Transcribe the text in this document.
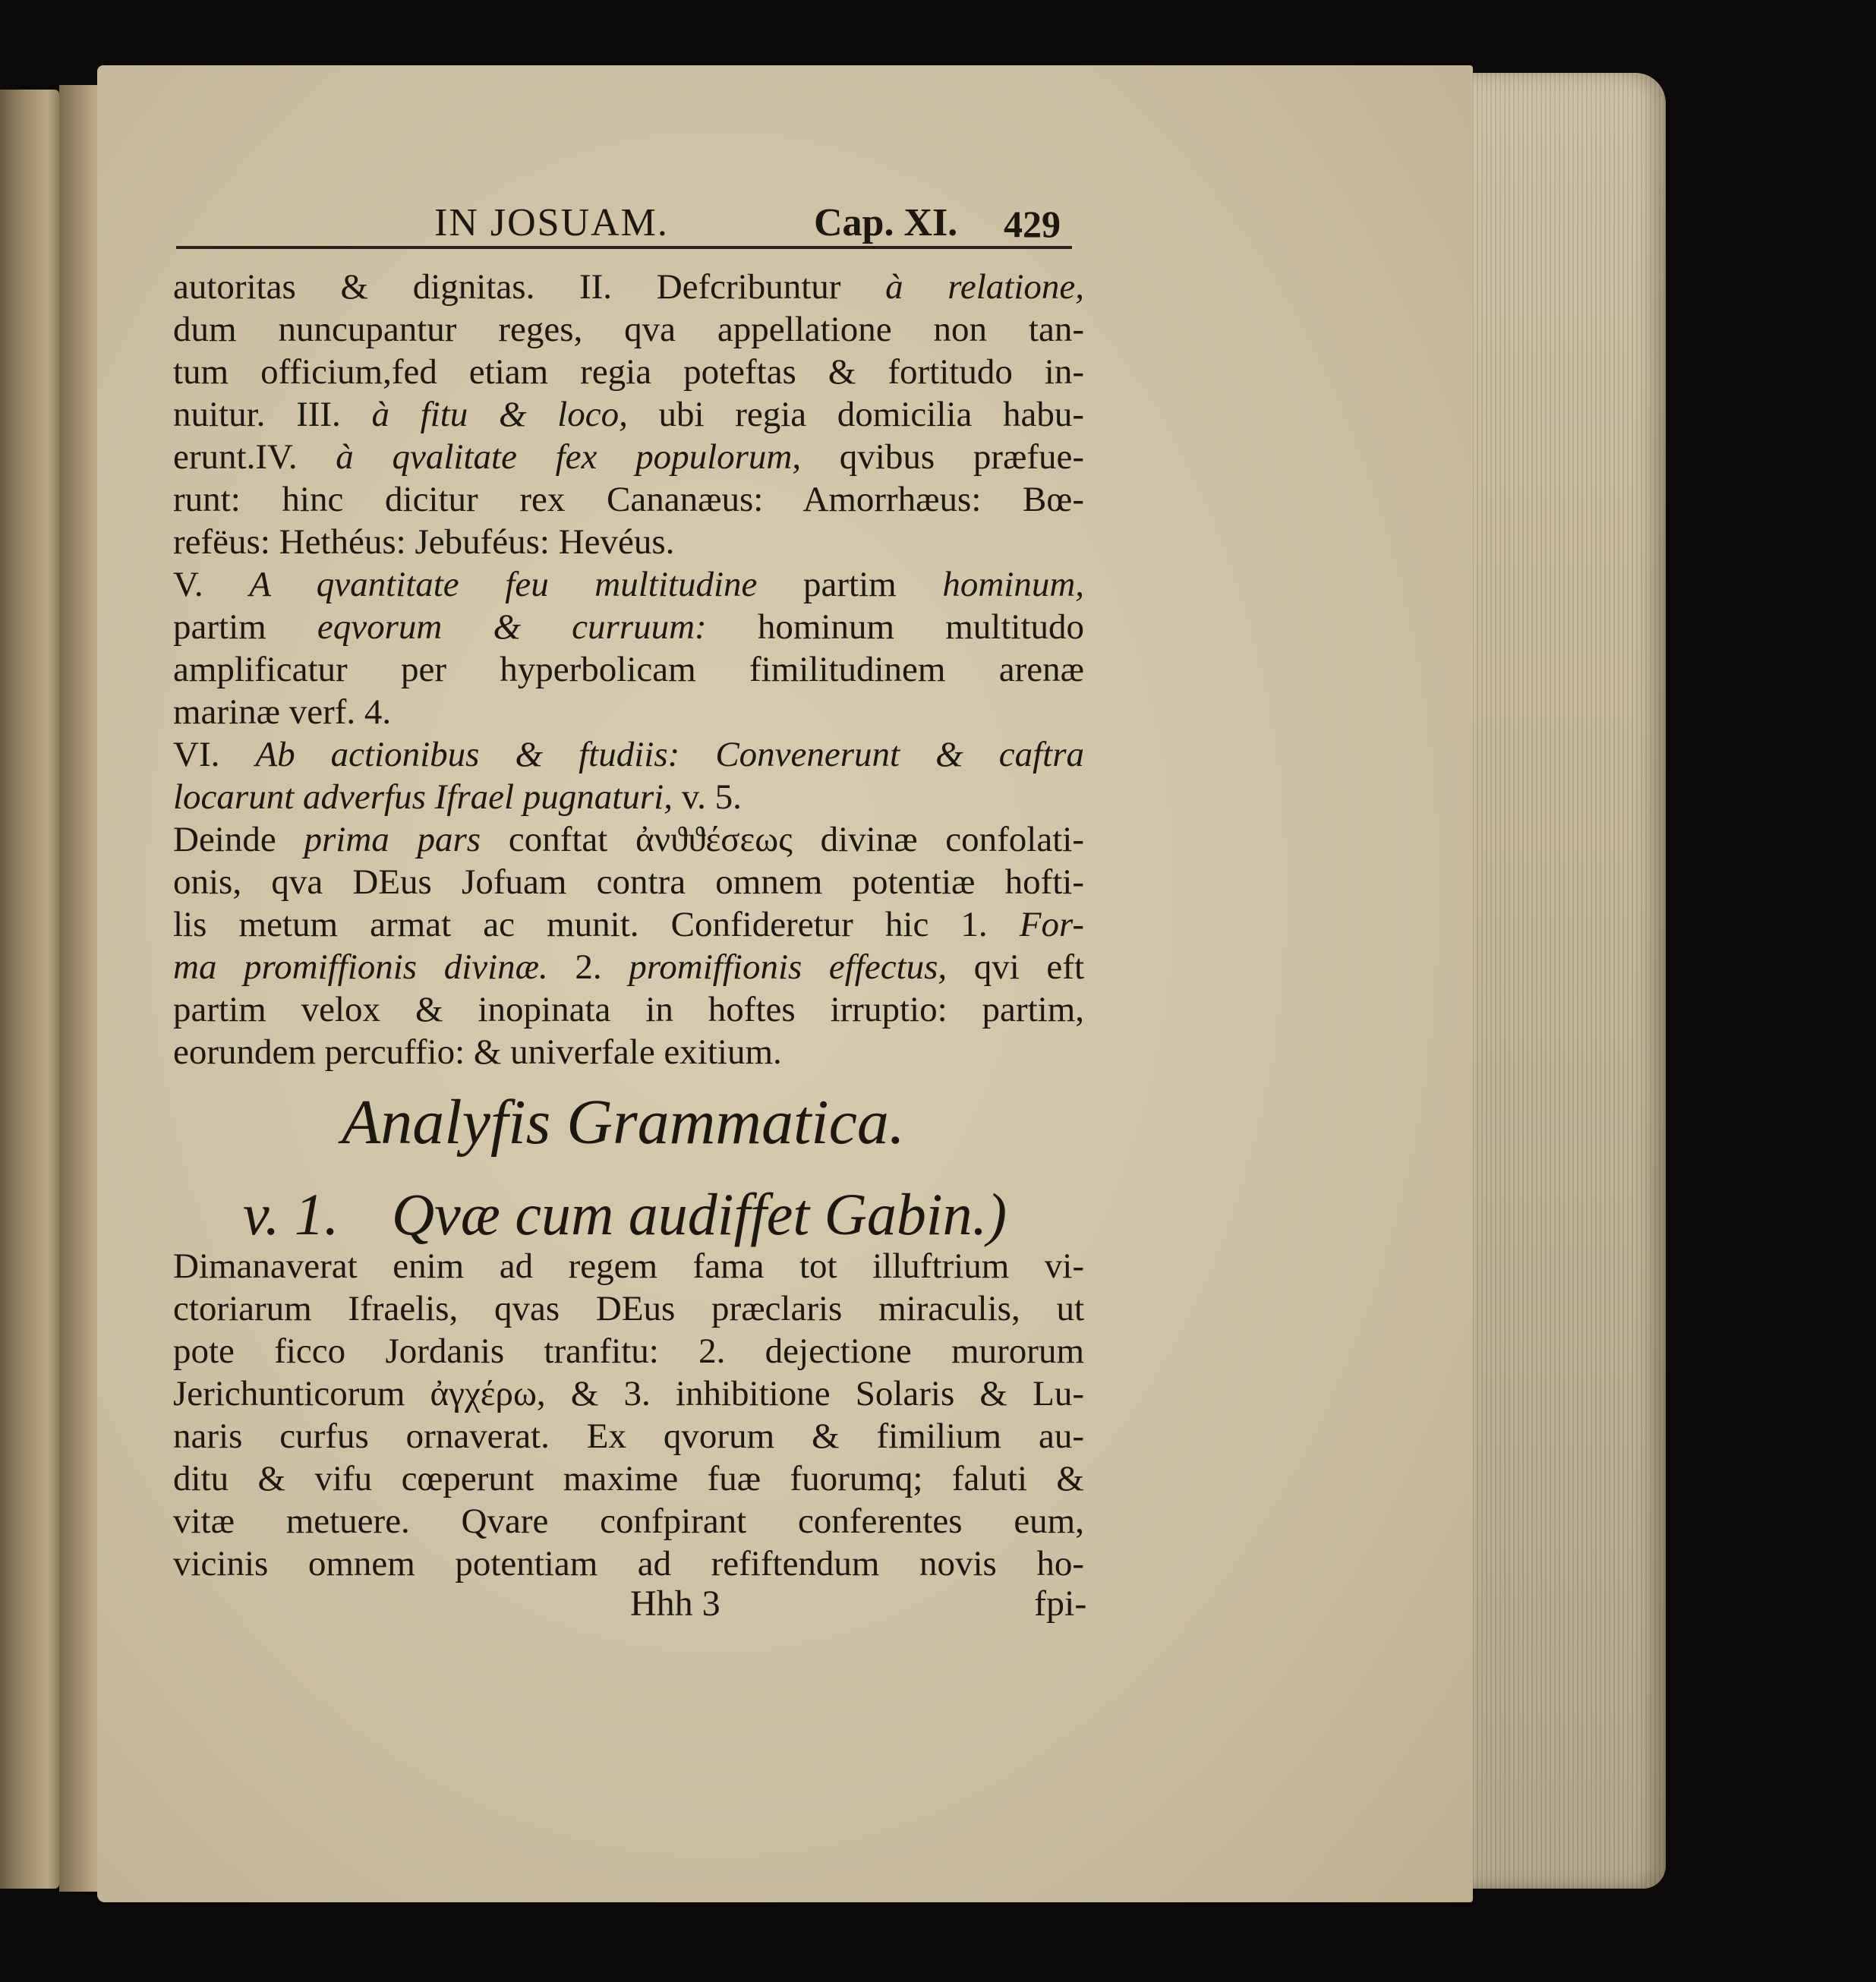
IN JOSUAM.	Cap. XI. 429
autoritas & dignitas. II. Defcribuntur à relatione,
dum nuncupantur reges, qva appellatione non tan-
tum officium,fed etiam regia poteftas & fortitudo in-
nuitur. III. à fitu & loco, ubi regia domicilia habu-
erunt.IV. à qvalitate fex populorum, qvibus præfue-
runt: hinc dicitur rex Cananæus: Amorrhæus: Bœ-
refëus: Hethéus: Jebuféus: Hevéus.
V. A qvantitate feu multitudine partim hominum,
partim eqvorum & curruum: hominum multitudo
amplificatur per hyperbolicam fimilitudinem arenæ
marinæ verf. 4.
VI. Ab actionibus & ftudiis: Convenerunt & caftra
locarunt adverfus Ifrael pugnaturi, v. 5.
Deinde prima pars conftat ἀνϑϑέσεως divinæ confolati-
onis, qva DEus Jofuam contra omnem potentiæ hofti-
lis metum armat ac munit. Confideretur hic 1. For-
ma promiffionis divinæ. 2. promiffionis effectus, qvi eft
partim velox & inopinata in hoftes irruptio: partim,
eorundem percuffio: & univerfale exitium.
Analyfis Grammatica.
v. 1. Qvæ cum audiffet Gabin.)
Dimanaverat enim ad regem fama tot illuftrium vi-
ctoriarum Ifraelis, qvas DEus præclaris miraculis, ut
pote ficco Jordanis tranfitu: 2. dejectione murorum
Jerichunticorum ἀγχέρω, & 3. inhibitione Solaris & Lu-
naris curfus ornaverat. Ex qvorum & fimilium au-
ditu & vifu cœperunt maxime fuæ fuorumq; faluti &
vitæ metuere. Qvare confpirant conferentes eum,
vicinis omnem potentiam ad refiftendum novis ho-
Hhh 3	fpi-
